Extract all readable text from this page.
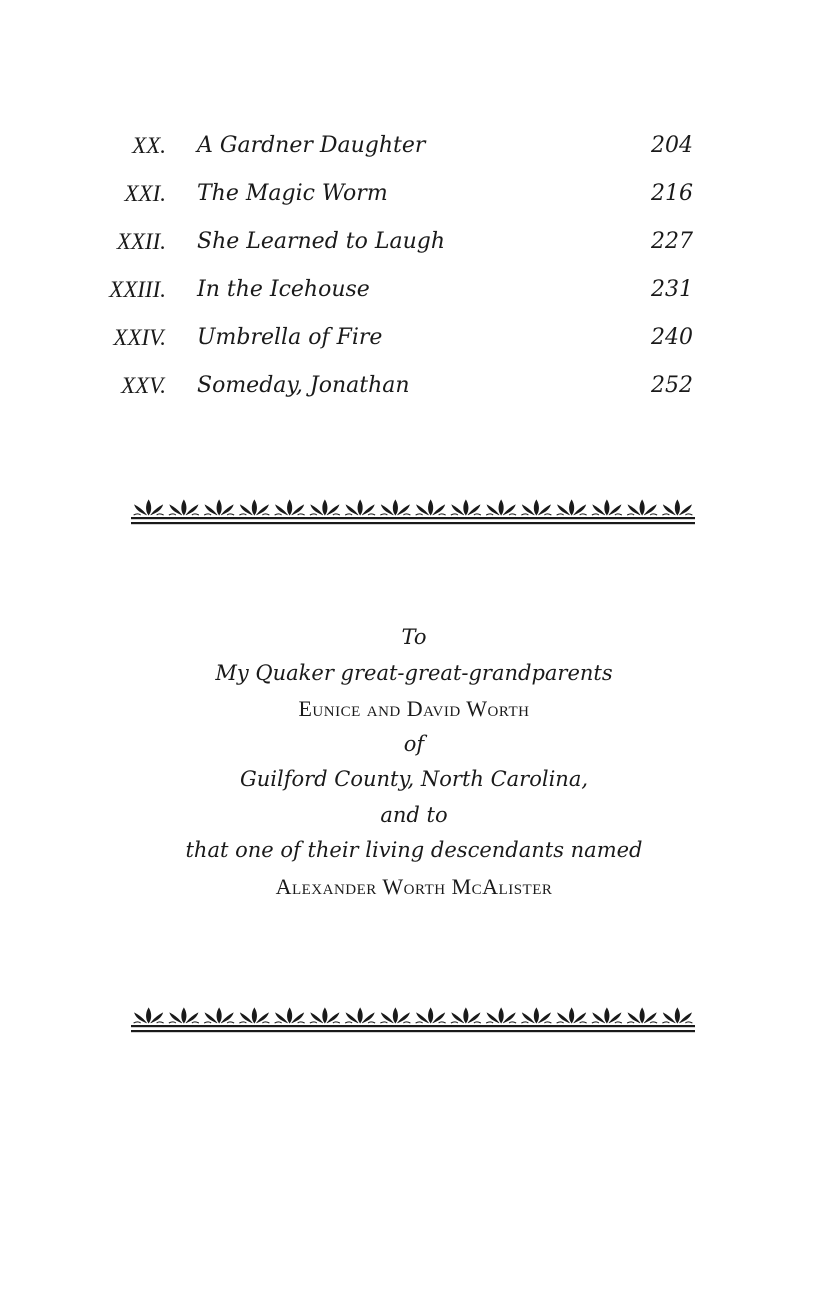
XX. A Gardner Daughter	204
XXI. The Magic Worm	216
XXII. She Learned to Laugh	227
XXIII. In the Icehouse	231
XXIV. Umbrella of Fire	240
XXV. Someday, Jonathan	252
To
My Quaker great-great-grandparents
Eunice and David Worth
of
Guilford County, North Carolina,
and to
that one of their living descendants named
Alexander Worth McAlister
